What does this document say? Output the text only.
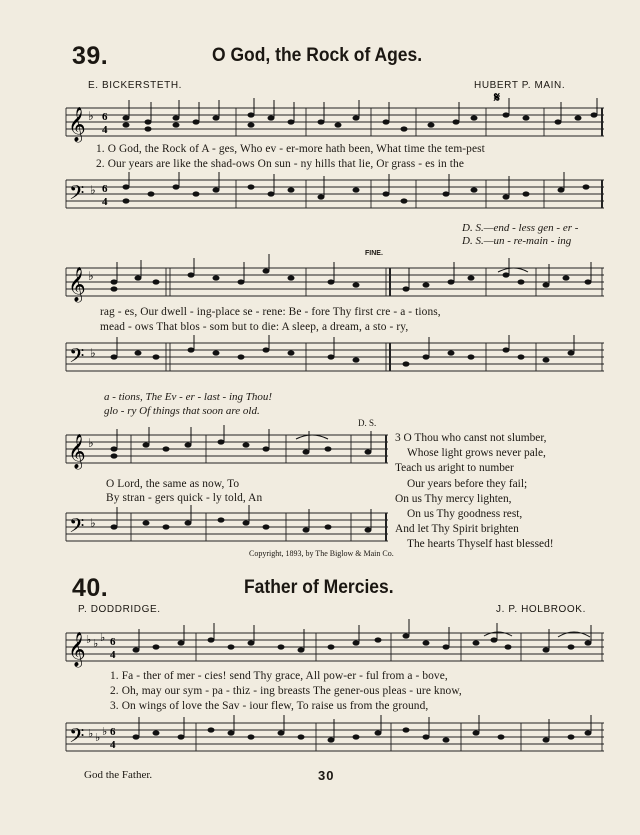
39.	O God, the Rock of Ages.
E. BICKERSTETH.	HUBERT P. MAIN.
𝄞 ♭ 6
4
𝄋
1. O God, the Rock of A - ges, Who ev - er-more hath been, What time the tem-pest
2. Our years are like the shad-ows On sun - ny hills that lie, Or grass - es in the
𝄢 ♭ 6
4
D. S.—end - less gen - er -
D. S.—un - re-main - ing
FINE.
𝄞 ♭
rag - es, Our dwell - ing-place se - rene: Be - fore Thy first cre - a - tions,
mead - ows That blos - som but to die: A sleep, a dream, a sto - ry,
𝄢 ♭
a - tions, The Ev - er - last - ing Thou!
glo - ry Of things that soon are old.
D. S.
𝄞 ♭
O Lord, the same as now, To
By stran - gers quick - ly told, An
𝄢 ♭
3 O Thou who canst not slumber,
Whose light grows never pale,
Teach us aright to number
Our years before they fail;
On us Thy mercy lighten,
On us Thy goodness rest,
And let Thy Spirit brighten
The hearts Thyself hast blessed!
Copyright, 1893, by The Biglow & Main Co.
40.	Father of Mercies.
P. DODDRIDGE.	J. P. HOLBROOK.
𝄞 ♭ ♭ ♭ 6
4
1. Fa - ther of mer - cies! send Thy grace, All pow-er - ful from a - bove,
2. Oh, may our sym - pa - thiz - ing breasts The gener-ous pleas - ure know,
3. On wings of love the Sav - iour flew, To raise us from the ground,
𝄢 ♭ ♭ ♭ 6
4
God the Father.	30
